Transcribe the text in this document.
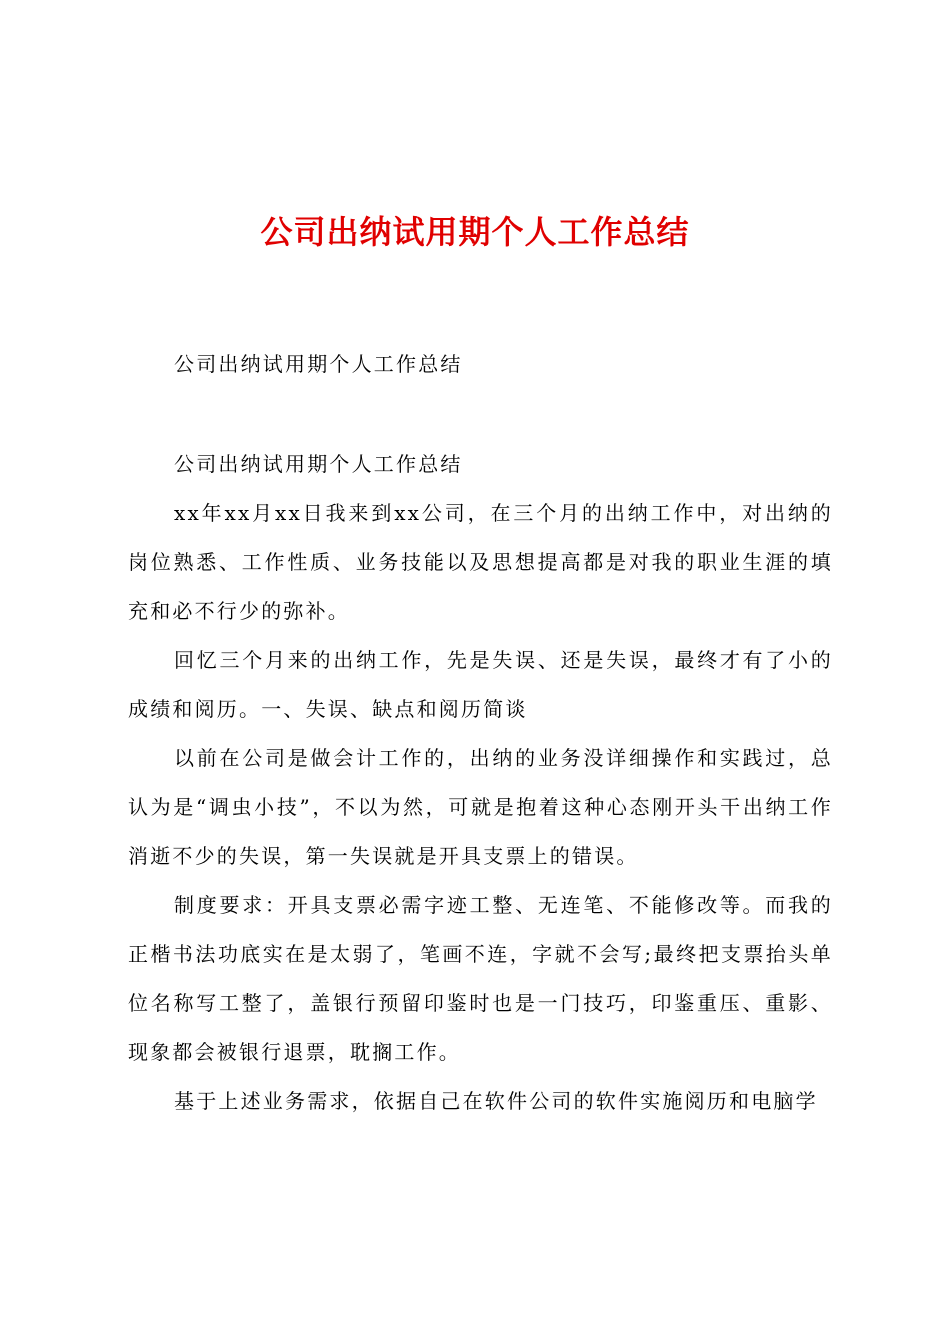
公司出纳试用期个人工作总结

公司出纳试用期个人工作总结

公司出纳试用期个人工作总结

xx年xx月xx日我来到xx公司，在三个月的出纳工作中，对出纳的岗位熟悉、工作性质、业务技能以及思想提高都是对我的职业生涯的填充和必不行少的弥补。

回忆三个月来的出纳工作，先是失误、还是失误，最终才有了小的成绩和阅历。一、失误、缺点和阅历简谈

以前在公司是做会计工作的，出纳的业务没详细操作和实践过，总认为是“调虫小技”，不以为然，可就是抱着这种心态刚开头干出纳工作消逝不少的失误，第一失误就是开具支票上的错误。

制度要求：开具支票必需字迹工整、无连笔、不能修改等。而我的正楷书法功底实在是太弱了，笔画不连，字就不会写;最终把支票抬头单位名称写工整了，盖银行预留印鉴时也是一门技巧，印鉴重压、重影、现象都会被银行退票，耽搁工作。

基于上述业务需求，依据自己在软件公司的软件实施阅历和电脑学
